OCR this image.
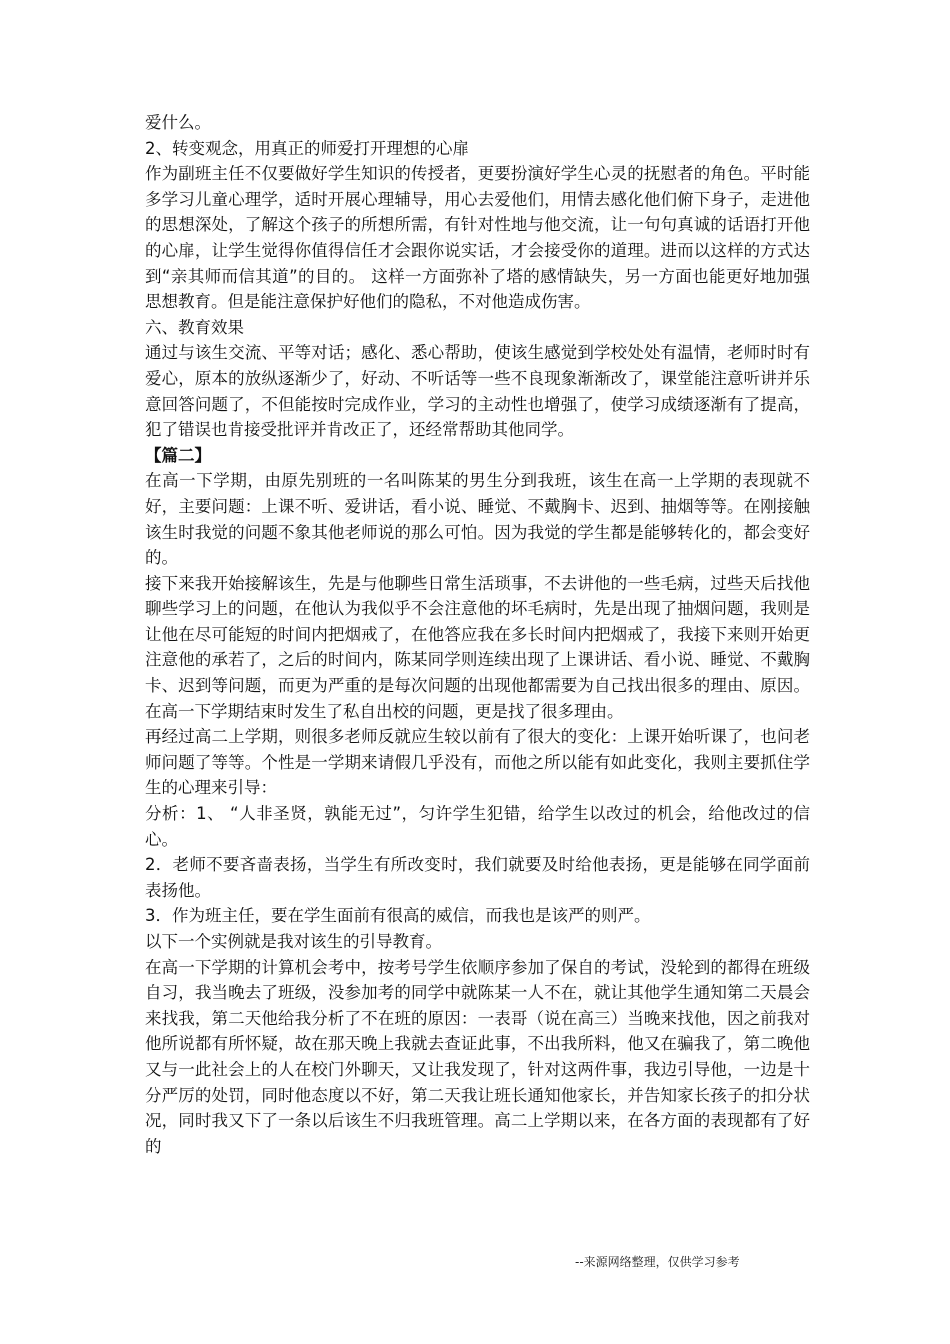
爱什么。

2、转变观念，用真正的师爱打开理想的心扉

作为副班主任不仅要做好学生知识的传授者，更要扮演好学生心灵的抚慰者的角色。平时能多学习儿童心理学，适时开展心理辅导，用心去爱他们，用情去感化他们俯下身子，走进他的思想深处，了解这个孩子的所想所需，有针对性地与他交流，让一句句真诚的话语打开他的心扉，让学生觉得你值得信任才会跟你说实话，才会接受你的道理。进而以这样的方式达到“亲其师而信其道”的目的。 这样一方面弥补了塔的感情缺失，另一方面也能更好地加强思想教育。但是能注意保护好他们的隐私，不对他造成伤害。

六、教育效果

通过与该生交流、平等对话；感化、悉心帮助，使该生感觉到学校处处有温情，老师时时有爱心，原本的放纵逐渐少了，好动、不听话等一些不良现象渐渐改了，课堂能注意听讲并乐意回答问题了，不但能按时完成作业，学习的主动性也增强了，使学习成绩逐渐有了提高，犯了错误也肯接受批评并肯改正了，还经常帮助其他同学。

【篇二】

在高一下学期，由原先别班的一名叫陈某的男生分到我班，该生在高一上学期的表现就不好，主要问题：上课不听、爱讲话，看小说、睡觉、不戴胸卡、迟到、抽烟等等。在刚接触该生时我觉的问题不象其他老师说的那么可怕。因为我觉的学生都是能够转化的，都会变好的。

接下来我开始接解该生，先是与他聊些日常生活琐事，不去讲他的一些毛病，过些天后找他聊些学习上的问题，在他认为我似乎不会注意他的坏毛病时，先是出现了抽烟问题，我则是让他在尽可能短的时间内把烟戒了，在他答应我在多长时间内把烟戒了，我接下来则开始更注意他的承若了，之后的时间内，陈某同学则连续出现了上课讲话、看小说、睡觉、不戴胸卡、迟到等问题，而更为严重的是每次问题的出现他都需要为自己找出很多的理由、原因。在高一下学期结束时发生了私自出校的问题，更是找了很多理由。

再经过高二上学期，则很多老师反就应生较以前有了很大的变化：上课开始听课了，也问老师问题了等等。个性是一学期来请假几乎没有，而他之所以能有如此变化，我则主要抓住学生的心理来引导：

分析：1、 “人非圣贤，孰能无过”，匀许学生犯错，给学生以改过的机会，给他改过的信心。

2．老师不要吝啬表扬，当学生有所改变时，我们就要及时给他表扬，更是能够在同学面前表扬他。

3．作为班主任，要在学生面前有很高的威信，而我也是该严的则严。

以下一个实例就是我对该生的引导教育。

在高一下学期的计算机会考中，按考号学生依顺序参加了保自的考试，没轮到的都得在班级自习，我当晚去了班级，没参加考的同学中就陈某一人不在，就让其他学生通知第二天晨会来找我，第二天他给我分析了不在班的原因：一表哥（说在高三）当晚来找他，因之前我对他所说都有所怀疑，故在那天晚上我就去查证此事，不出我所料，他又在骗我了，第二晚他又与一此社会上的人在校门外聊天，又让我发现了，针对这两件事，我边引导他，一边是十分严厉的处罚，同时他态度以不好，第二天我让班长通知他家长，并告知家长孩子的扣分状况，同时我又下了一条以后该生不归我班管理。高二上学期以来，在各方面的表现都有了好的

--来源网络整理，仅供学习参考
